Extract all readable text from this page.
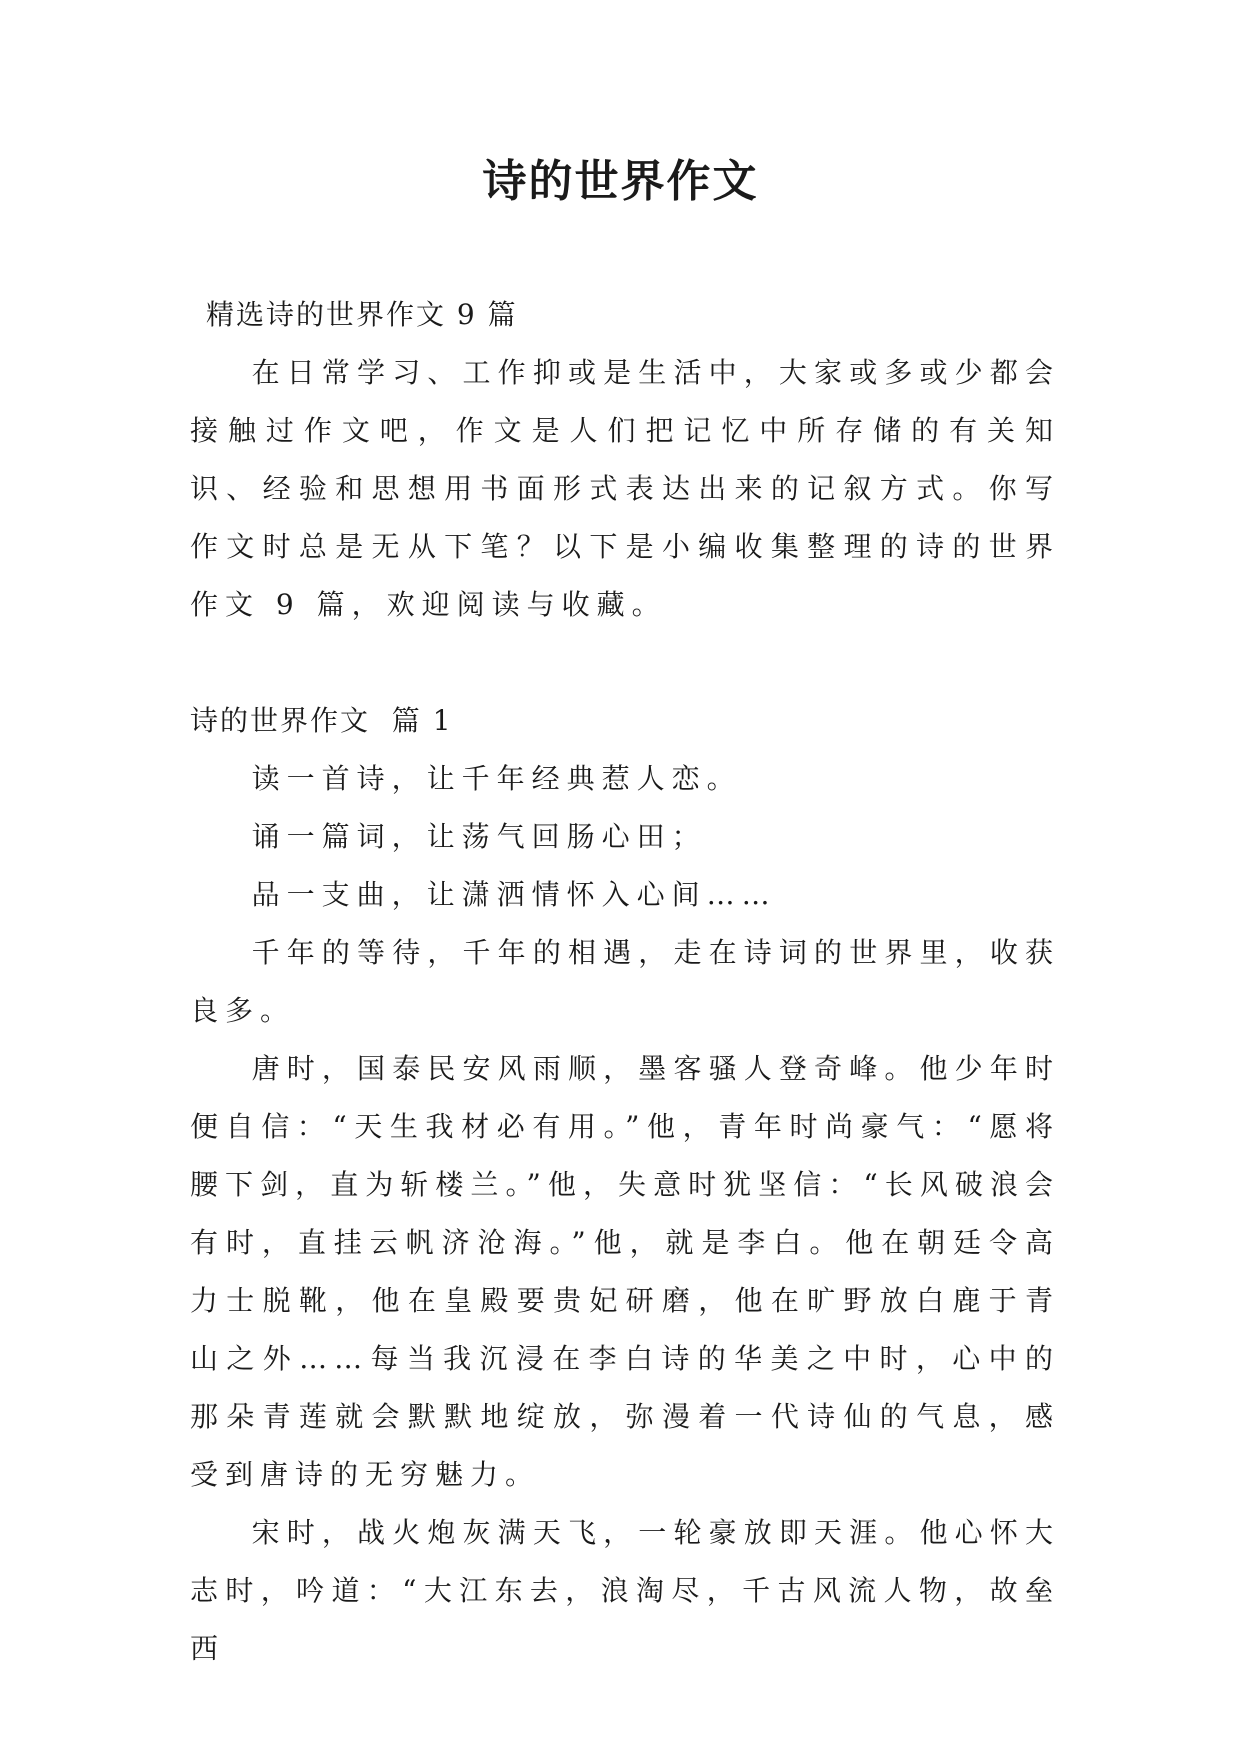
诗的世界作文

精选诗的世界作文 9 篇

在日常学习、工作抑或是生活中，大家或多或少都会接触过作文吧，作文是人们把记忆中所存储的有关知识、经验和思想用书面形式表达出来的记叙方式。你写作文时总是无从下笔？以下是小编收集整理的诗的世界作文 9 篇，欢迎阅读与收藏。

诗的世界作文  篇 1

读一首诗，让千年经典惹人恋。

诵一篇词，让荡气回肠心田；

品一支曲，让潇洒情怀入心间……

千年的等待，千年的相遇，走在诗词的世界里，收获良多。

唐时，国泰民安风雨顺，墨客骚人登奇峰。他少年时便自信：“天生我材必有用。”他，青年时尚豪气：“愿将腰下剑，直为斩楼兰。”他，失意时犹坚信：“长风破浪会有时，直挂云帆济沧海。”他，就是李白。他在朝廷令高力士脱靴，他在皇殿要贵妃研磨，他在旷野放白鹿于青山之外……每当我沉浸在李白诗的华美之中时，心中的那朵青莲就会默默地绽放，弥漫着一代诗仙的气息，感受到唐诗的无穷魅力。

宋时，战火炮灰满天飞，一轮豪放即天涯。他心怀大志时，吟道：“大江东去，浪淘尽，千古风流人物，故垒西
